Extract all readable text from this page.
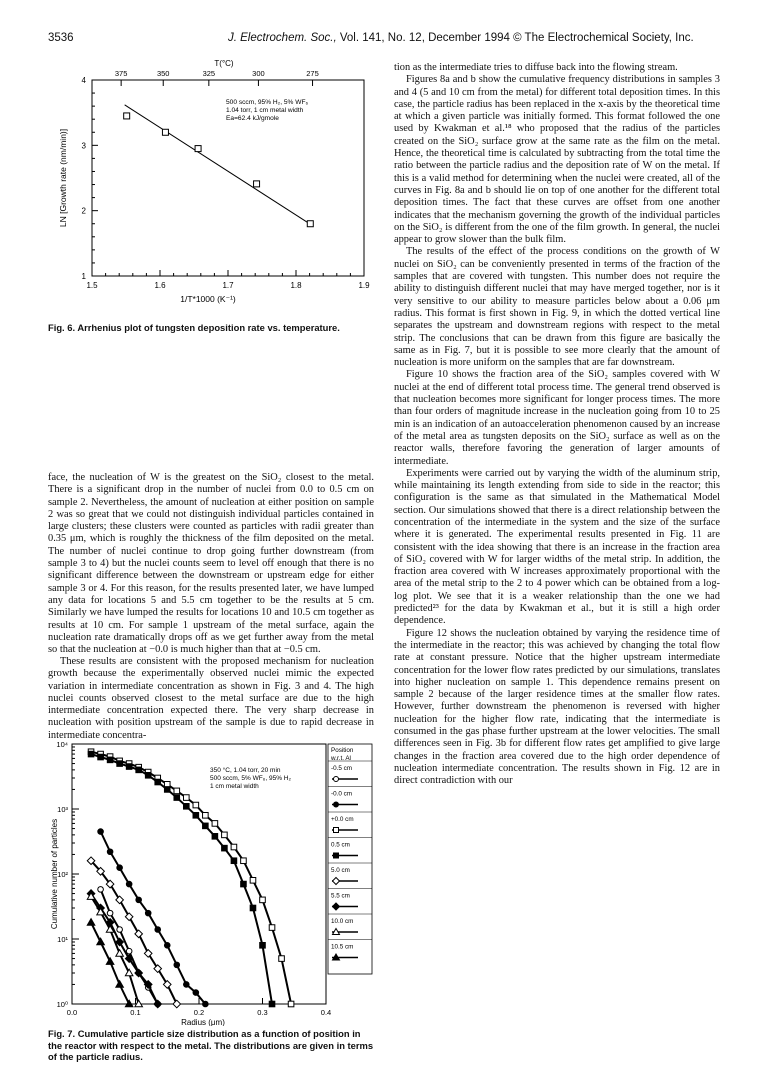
3536	J. Electrochem. Soc., Vol. 141, No. 12, December 1994 © The Electrochemical Society, Inc.
1.5	1.6	1.7	1.8	1.9
1
2
3
4
375	350	325	300	275
T(°C)
1/T*1000 (K⁻¹)
LN [Growth rate (nm/min)]
500 sccm, 95% H₂, 5% WF₆
1.04 torr, 1 cm metal width
Ea=62.4 kJ/gmole
Fig. 6. Arrhenius plot of tungsten deposition rate vs. temperature.

face, the nucleation of W is the greatest on the SiO₂ closest to the metal. There is a significant drop in the number of nuclei from 0.0 to 0.5 cm on sample 2. Nevertheless, the amount of nucleation at either position on sample 2 was so great that we could not distinguish individual particles contained in large clusters; these clusters were counted as particles with radii greater than 0.35 μm, which is roughly the thickness of the film deposited on the metal. The number of nuclei continue to drop going further downstream (from sample 3 to 4) but the nuclei counts seem to level off enough that there is no significant difference between the downstream or upstream edge for either sample 3 or 4. For this reason, for the results presented later, we have lumped any data for locations 5 and 5.5 cm together to be the results at 5 cm. Similarly we have lumped the results for locations 10 and 10.5 cm together as results at 10 cm. For sample 1 upstream of the metal surface, again the nucleation rate dramatically drops off as we get further away from the metal so that the nucleation at −0.0 is much higher than that at −0.5 cm.

These results are consistent with the proposed mechanism for nucleation growth because the experimentally observed nuclei mimic the expected variation in intermediate concentration as shown in Fig. 3 and 4. The high nuclei counts observed closest to the metal surface are due to the high intermediate concentration expected there. The very sharp decrease in nucleation with position upstream of the sample is due to rapid decrease in intermediate concentra-

0.0	0.1	0.2	0.3	0.4
Radius (μm)
10⁰
10¹
10²
10³
10⁴
Cumulative number of particles
Position
w.r.t. Al
-0.5 cm
-0.0 cm
+0.0 cm
0.5 cm
5.0 cm
5.5 cm
10.0 cm
10.5 cm
350 °C, 1.04 torr, 20 min
500 sccm, 5% WF₆, 95% H₂
1 cm metal width
Fig. 7. Cumulative particle size distribution as a function of position in the reactor with respect to the metal. The distributions are given in terms of the particle radius.

tion as the intermediate tries to diffuse back into the flowing stream.

Figures 8a and b show the cumulative frequency distributions in samples 3 and 4 (5 and 10 cm from the metal) for different total deposition times. In this case, the particle radius has been replaced in the x-axis by the theoretical time at which a given particle was initially formed. This format followed the one used by Kwakman et al.¹⁸ who proposed that the radius of the particles created on the SiO₂ surface grow at the same rate as the film on the metal. Hence, the theoretical time is calculated by subtracting from the total time the ratio between the particle radius and the deposition rate of W on the metal. If this is a valid method for determining when the nuclei were created, all of the curves in Fig. 8a and b should lie on top of one another for the different total deposition times. The fact that these curves are offset from one another indicates that the mechanism governing the growth of the individual particles on the SiO₂ is different from the one of the film growth. In general, the nuclei appear to grow slower than the bulk film.

The results of the effect of the process conditions on the growth of W nuclei on SiO₂ can be conveniently presented in terms of the fraction of the samples that are covered with tungsten. This number does not require the ability to distinguish different nuclei that may have merged together, nor is it very sensitive to our ability to measure particles below about a 0.06 μm radius. This format is first shown in Fig. 9, in which the dotted vertical line separates the upstream and downstream regions with respect to the metal strip. The conclusions that can be drawn from this figure are basically the same as in Fig. 7, but it is possible to see more clearly that the amount of nucleation is more uniform on the samples that are far downstream.

Figure 10 shows the fraction area of the SiO₂ samples covered with W nuclei at the end of different total process time. The general trend observed is that nucleation becomes more significant for longer process times. The more than four orders of magnitude increase in the nucleation going from 10 to 25 min is an indication of an autoacceleration phenomenon caused by an increase of the metal area as tungsten deposits on the SiO₂ surface as well as on the reactor walls, therefore favoring the generation of larger amounts of intermediate.

Experiments were carried out by varying the width of the aluminum strip, while maintaining its length extending from side to side in the reactor; this configuration is the same as that simulated in the Mathematical Model section. Our simulations showed that there is a direct relationship between the concentration of the intermediate in the system and the size of the surface where it is generated. The experimental results presented in Fig. 11 are consistent with the idea showing that there is an increase in the fraction area of SiO₂ covered with W for larger widths of the metal strip. In addition, the fraction area covered with W increases approximately proportional with the area of the metal strip to the 2 to 4 power which can be obtained from a log-log plot. We see that it is a weaker relationship than the one we had predicted²³ for the data by Kwakman et al., but it is still a high order dependence.

Figure 12 shows the nucleation obtained by varying the residence time of the intermediate in the reactor; this was achieved by changing the total flow rate at constant pressure. Notice that the higher upstream intermediate concentration for the lower flow rates predicted by our simulations, translates into higher nucleation on sample 1. This dependence remains present on sample 2 because of the larger residence times at the smaller flow rates. However, further downstream the phenomenon is reversed with higher nucleation for the higher flow rate, indicating that the intermediate is consumed in the gas phase further upstream at the lower velocities. The small differences seen in Fig. 3b for different flow rates get amplified to give large changes in the fraction area covered due to the high order dependence of nucleation intermediate concentration. The results shown in Fig. 12 are in direct contradiction with our
